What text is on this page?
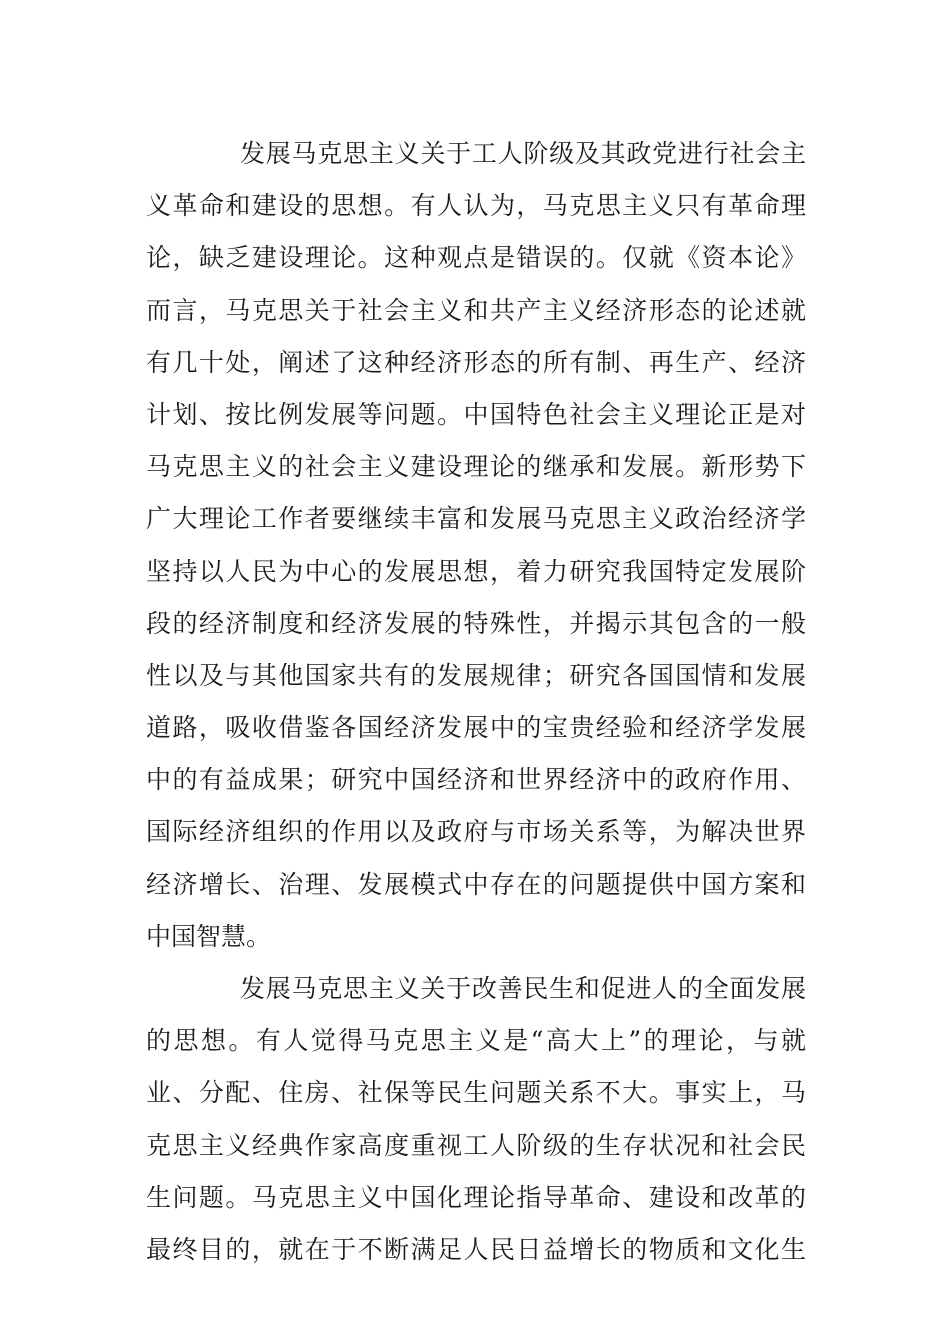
发展马克思主义关于工人阶级及其政党进行社会主
义革命和建设的思想。有人认为，马克思主义只有革命理
论，缺乏建设理论。这种观点是错误的。仅就《资本论》
而言，马克思关于社会主义和共产主义经济形态的论述就
有几十处，阐述了这种经济形态的所有制、再生产、经济
计划、按比例发展等问题。中国特色社会主义理论正是对
马克思主义的社会主义建设理论的继承和发展。新形势下
广大理论工作者要继续丰富和发展马克思主义政治经济学
坚持以人民为中心的发展思想，着力研究我国特定发展阶
段的经济制度和经济发展的特殊性，并揭示其包含的一般
性以及与其他国家共有的发展规律；研究各国国情和发展
道路，吸收借鉴各国经济发展中的宝贵经验和经济学发展
中的有益成果；研究中国经济和世界经济中的政府作用、
国际经济组织的作用以及政府与市场关系等，为解决世界
经济增长、治理、发展模式中存在的问题提供中国方案和
中国智慧。
发展马克思主义关于改善民生和促进人的全面发展
的思想。有人觉得马克思主义是“高大上”的理论，与就
业、分配、住房、社保等民生问题关系不大。事实上，马
克思主义经典作家高度重视工人阶级的生存状况和社会民
生问题。马克思主义中国化理论指导革命、建设和改革的
最终目的，就在于不断满足人民日益增长的物质和文化生
